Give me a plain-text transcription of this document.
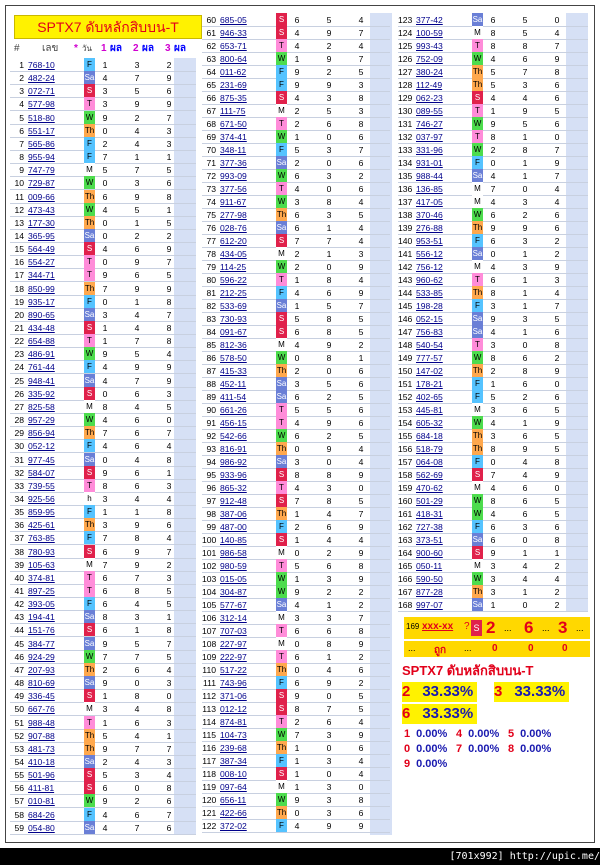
SPTX7 ดับหลักสิบบน-T
# เลข * วัน 1 ผล 2 ผล 3 ผล
1 768-10	F	1	3	2
2 482-24	Sa 4	7	9
3 072-71	S	3	5	6
4 577-98	T	3	9	9
5 518-80	W	9	2	7
6 551-17	Th 0	4	3
7 565-86	F	2	4	3
8 955-94	F	7	1	1
9 747-79	M	5	7	5
10 729-87	W	0	3	6
11 009-66	Th 6	9	8
12 473-43	W	4	5	1
13 177-30	Th 0	1	5
14 365-95	Sa 0	2	2
15 564-49	S	4	6	9
16 554-27	T	0	9	7
17 344-71	T	9	6	5
18 850-99	Th 7	9	9
19 935-17	F	0	1	8
20 890-65	Sa 3	4	7
21 434-48	S	1	4	8
22 654-88	T	1	7	8
23 486-91	W	9	5	4
24 761-44	F	4	9	9
25 948-41	Sa 4	7	9
26 335-92	S	0	6	3
27 825-58	M	8	4	5
28 957-29	W	4	6	0
29 856-94	Th 7	6	7
30 052-12	F	4	6	4
31 977-45	Sa 0	4	8
32 584-07	S	9	6	1
33 739-55	T	8	6	3
34 925-56	h	3	4	4
35 859-95	F	1	1	8
36 425-61	Th 3	9	6
37 763-85	F	7	8	4
38 780-93	S	6	9	7
39 105-63	M	7	9	2
40 374-81	T	6	7	3
41 897-25	T	6	8	5
42 393-05	F	6	4	5
43 194-41	Sa 8	3	1
44 151-76	S	6	1	8
45 384-77	Sa 9	5	7
46 924-29	W	7	7	5
47 207-93	Th 2	6	4
48 810-69	Sa 9	0	3
49 336-45	S	1	8	0
50 667-76	M	3	4	8
51 988-48	T	1	6	3
52 907-88	Th 5	4	1
53 481-73	Th 9	7	7
54 410-18	Sa 2	4	3
55 501-96	S	5	3	4
56 411-81	S	6	0	8
57 010-81	W	9	2	6
58 684-26	F	4	6	7
59 054-80	Sa 4	7	6
60 685-05	S	6	5	4
61 946-33	S	4	9	7
62 653-71	T	4	2	4
63 800-64	W	1	9	7
64 011-62	F	9	2	5
65 231-69	F	9	9	3
66 875-35	S	4	3	8
67 111-75	M	2	5	3
68 671-50	T	2	6	8
69 374-41	W	1	0	6
70 348-11	F	5	3	7
71 377-36	Sa 2	0	6
72 993-09	W	6	3	2
73 377-56	T	4	0	6
74 911-67	W	3	8	4
75 277-98	Th 6	3	5
76 028-76	Sa 6	1	4
77 612-20	S	7	7	4
78 434-05	M	2	1	3
79 114-25	W	2	0	9
80 596-22	T	1	8	4
81 212-25	F	4	6	9
82 533-69	Sa 1	5	7
83 730-93	S	5	8	5
84 091-67	S	6	8	5
85 812-36	M	4	9	2
86 578-50	W	0	8	1
87 415-33	Th 2	0	6
88 452-11	Sa 3	5	6
89 411-54	Sa 6	2	5
90 661-26	T	5	5	6
91 456-15	T	4	9	6
92 542-66	W	6	2	5
93 816-91	Th 0	9	4
94 986-92	Sa 3	0	4
95 933-96	S	8	8	9
96 865-32	T	4	3	0
97 912-48	S	7	8	5
98 387-06	Th 1	4	7
99 487-00	F	2	6	9
100 140-85	S	1	4	4
101 986-58	M	0	2	9
102 980-59	T	5	6	8
103 015-05	W	1	3	9
104 304-87	W	9	2	2
105 577-67	Sa 4	1	2
106 312-14	M	3	3	7
107 707-03	T	6	6	8
108 227-97	M	0	8	9
109 222-97	T	6	1	2
110 517-22	Th 0	4	6
111 743-96	F	6	9	2
112 371-06	S	9	0	5
113 012-12	S	8	7	5
114 874-81	T	2	6	4
115 104-73	W	7	3	9
116 239-68	Th 1	0	6
117 387-34	F	1	3	4
118 008-10	S	1	0	4
119 097-64	M	1	3	0
120 656-11	W	9	3	8
121 422-66	Th 0	3	6
122 372-02	F	4	9	9
123 377-42	Sa 6	5	0
124 100-59	M	8	5	4
125 993-43	T	8	8	7
126 752-09	W	4	6	9
127 380-24	Th 5	7	8
128 112-49	Th 5	3	6
129 062-23	S	4	4	6
130 089-55	T	1	9	5
131 746-27	W	9	5	6
132 037-97	T	8	1	0
133 331-96	W	2	8	7
134 931-01	F	0	1	9
135 988-44	Sa 4	1	7
136 136-85	M	7	0	4
137 417-05	M	4	3	4
138 370-46	W	6	2	6
139 276-88	Th 9	9	6
140 953-51	F	6	3	2
141 556-12	Sa 0	1	2
142 756-12	M	4	3	9
143 960-62	T	6	1	3
144 533-85	Th 8	1	4
145 198-28	F	3	1	7
146 052-15	Sa 9	3	5
147 756-83	Sa 4	1	6
148 540-54	T	3	0	8
149 777-57	W	8	6	2
150 147-02	Th 2	8	9
151 178-21	F	1	6	0
152 402-65	F	5	2	6
153 445-81	M	3	6	5
154 605-32	W	4	1	9
155 684-18	Th 3	6	5
156 518-79	Th 8	9	5
157 064-08	F	0	4	8
158 562-69	S	7	4	9
159 470-62	M	4	6	0
160 501-29	W	8	6	5
161 418-31	W	4	6	5
162 727-38	F	6	3	6
163 373-51	Sa 6	0	8
164 900-60	S	9	1	1
165 050-11	M	3	4	2
166 590-50	W	3	4	4
167 877-28	Th 3	1	2
168 997-07	Sa 1	0	2
169 xxx-xx ? S 2 ... 6 ... 3 ...
... ถูก ... 0	0	0
SPTX7 ดับหลักสิบบน-T
2 33.33% 3 33.33%
6 33.33%
1 0.00% 4 0.00% 5 0.00%
0 0.00% 7 0.00% 8 0.00%
9 0.00%
[701x992] http://upic.me/
